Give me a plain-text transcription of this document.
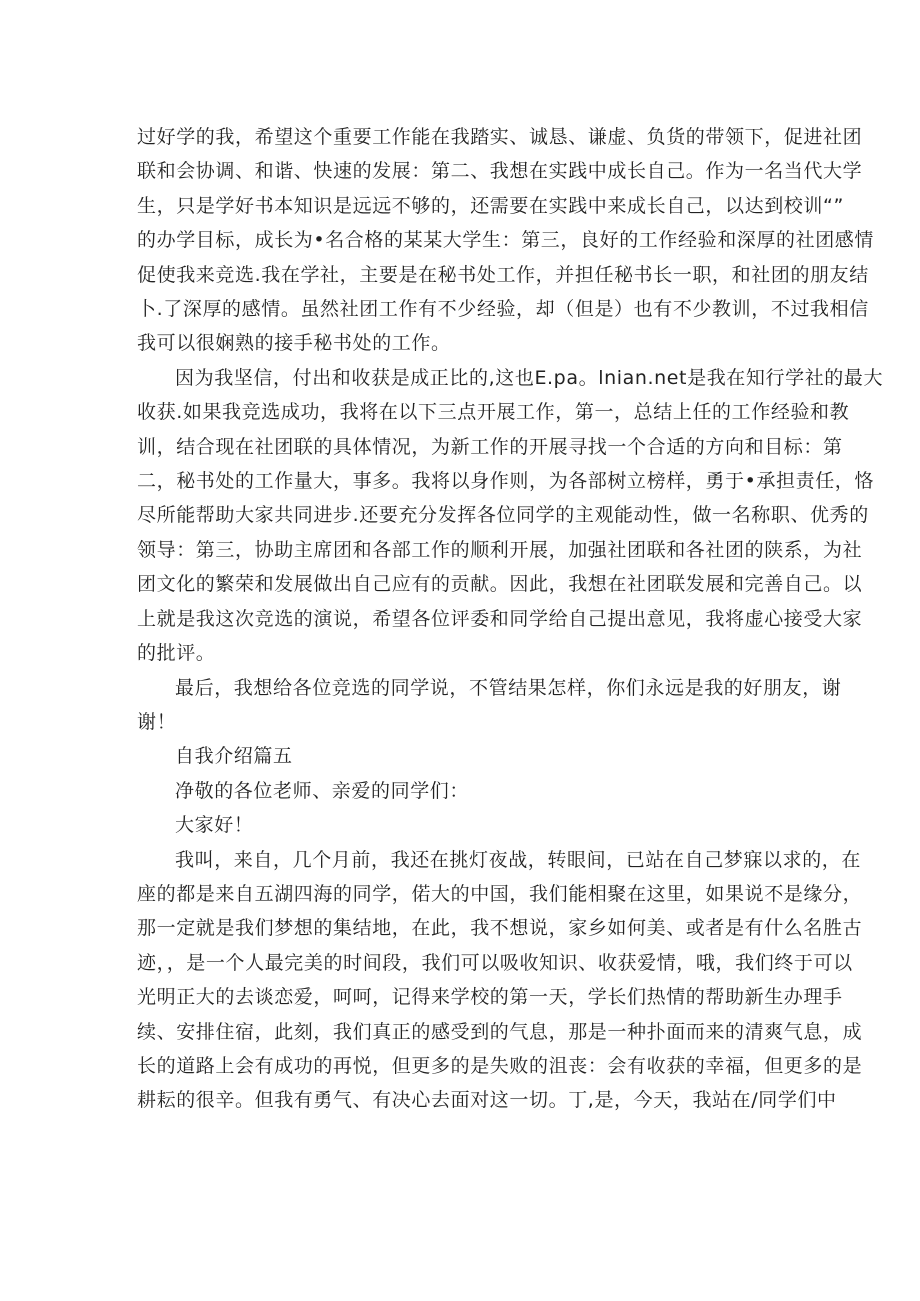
过好学的我，希望这个重要工作能在我踏实、诚恳、谦虚、负货的带领下，促进社团
联和会协调、和谐、快速的发展：第二、我想在实践中成长自己。作为一名当代大学
生，只是学好书本知识是远远不够的，还需要在实践中来成长自己，以达到校训“”
的办学目标，成长为•名合格的某某大学生：第三，良好的工作经验和深厚的社团感情
促使我来竞选.我在学社，主要是在秘书处工作，并担任秘书长一职，和社团的朋友结
卜.了深厚的感情。虽然社团工作有不少经验，却（但是）也有不少教训，不过我相信
我可以很娴熟的接手秘书处的工作。

因为我坚信，付出和收获是成正比的,这也E.pa。lnian.net是我在知行学社的最大
收获.如果我竞选成功，我将在以下三点开展工作，第一，总结上任的工作经验和教
训，结合现在社团联的具体情况，为新工作的开展寻找一个合适的方向和目标：第
二，秘书处的工作量大，事多。我将以身作则，为各部树立榜样，勇于•承担责任，恪
尽所能帮助大家共同进步.还要充分发挥各位同学的主观能动性，做一名称职、优秀的
领导：第三，协助主席团和各部工作的顺利开展，加强社团联和各社团的陕系，为社
团文化的繁荣和发展做出自己应有的贡献。因此，我想在社团联发展和完善自己。以
上就是我这次竞选的演说，希望各位评委和同学给自己提出意见，我将虚心接受大家
的批评。

最后，我想给各位竞选的同学说，不管结果怎样，你们永远是我的好朋友，谢
谢！

自我介绍篇五

净敬的各位老师、亲爱的同学们：

大家好！

我叫，来自，几个月前，我还在挑灯夜战，转眼间，已站在自己梦寐以求的，在
座的都是来自五湖四海的同学，偌大的中国，我们能相聚在这里，如果说不是缘分，
那一定就是我们梦想的集结地，在此，我不想说，家乡如何美、或者是有什么名胜古
迹，，是一个人最完美的时间段，我们可以吸收知识、收获爱情，哦，我们终于可以
光明正大的去谈恋爱，呵呵，记得来学校的第一天，学长们热情的帮助新生办理手
续、安排住宿，此刻，我们真正的感受到的气息，那是一种扑面而来的清爽气息，成
长的道路上会有成功的再悦，但更多的是失败的沮丧：会有收获的幸福，但更多的是
耕耘的很辛。但我有勇气、有决心去面对这一切。丁,是，今天，我站在/同学们中
